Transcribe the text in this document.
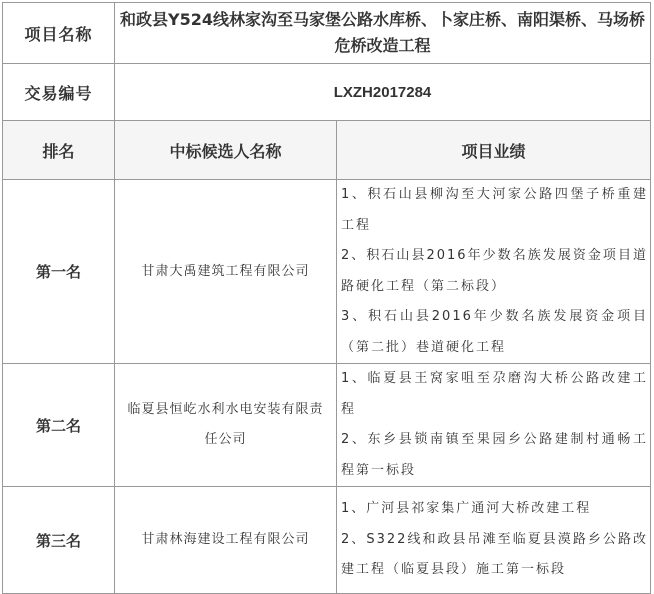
项目名称	和政县Y524线林家沟至马家堡公路水库桥、卜家庄桥、南阳渠桥、马场桥危桥改造工程	
交易编号	LXZH2017284	
排名	中标候选人名称	项目业绩
第一名	甘肃大禹建筑工程有限公司	1、积石山县柳沟至大河家公路四堡子桥重建工程

2、积石山县2016年少数名族发展资金项目道路硬化工程（第二标段）

3、积石山县2016年少数名族发展资金项目（第二批）巷道硬化工程

第二名	临夏县恒屹水利水电安装有限责任公司	1、临夏县王窝家咀至尕磨沟大桥公路改建工程

2、东乡县锁南镇至果园乡公路建制村通畅工程第一标段

第三名	甘肃林海建设工程有限公司	1、广河县祁家集广通河大桥改建工程

2、S322线和政县吊滩至临夏县漠路乡公路改建工程（临夏县段）施工第一标段
